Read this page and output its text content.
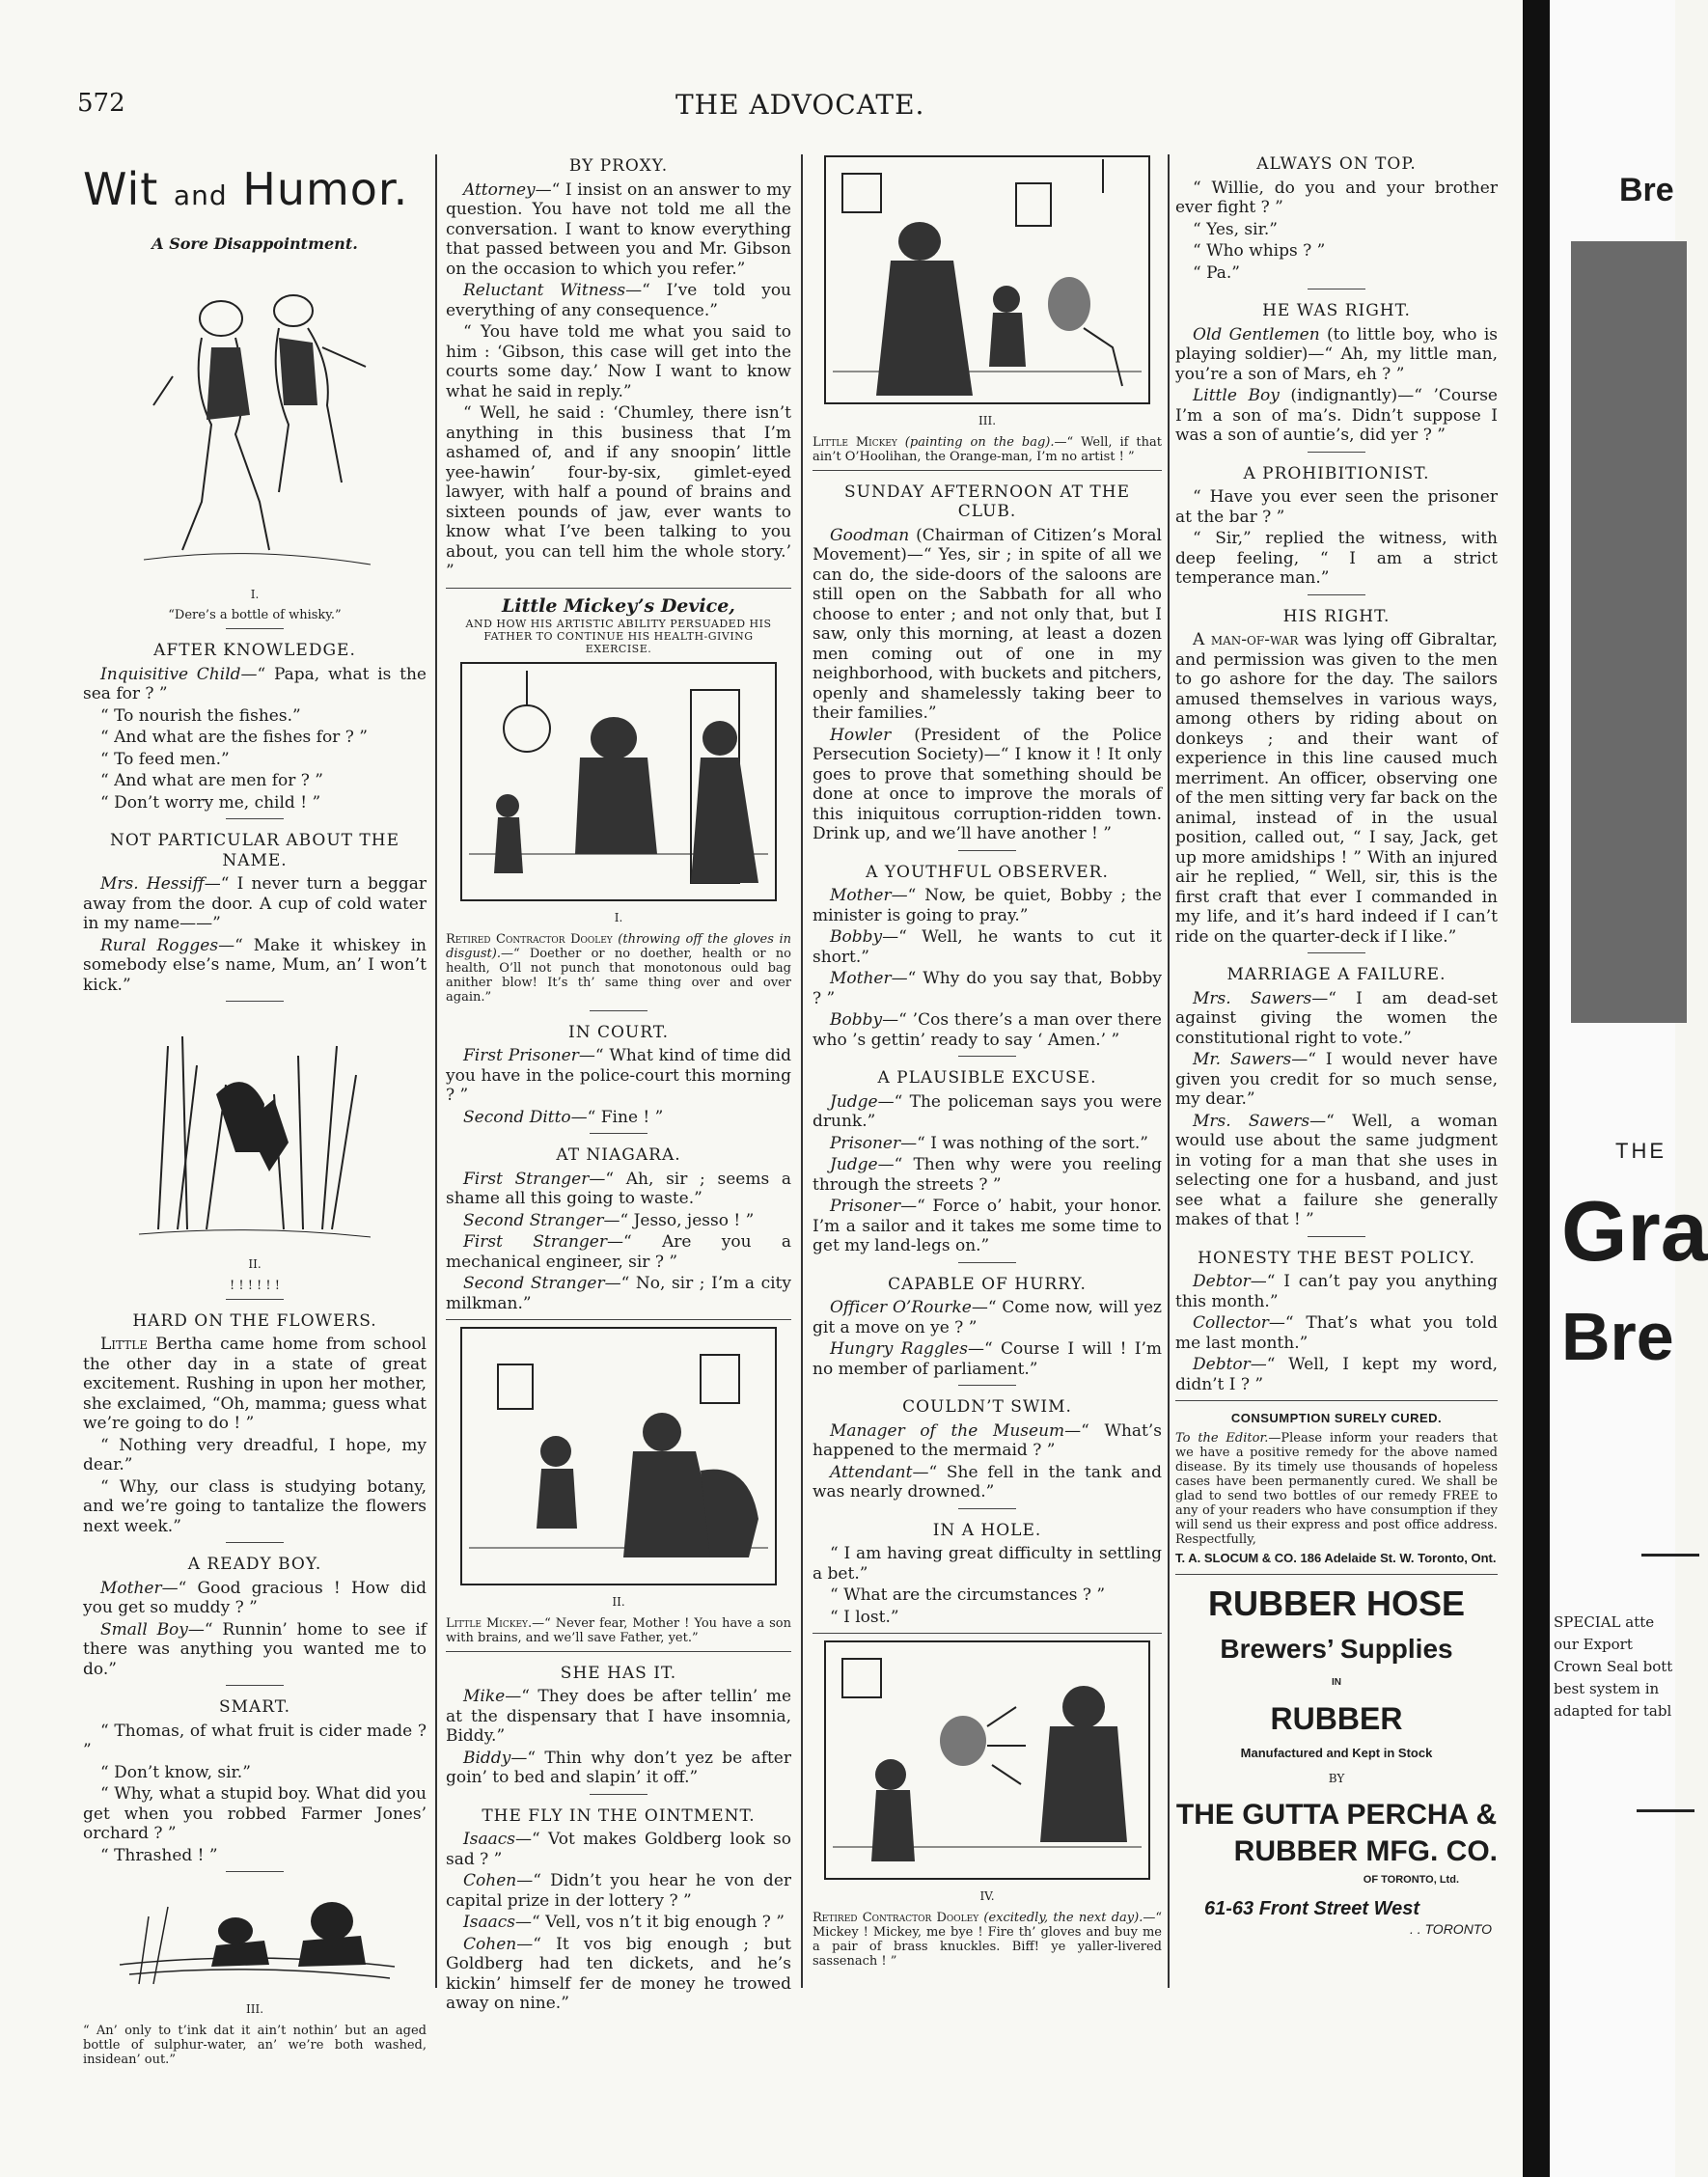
572	THE ADVOCATE.
Wit and Humor.
A Sore Disappointment.
I.
“Dere’s a bottle of whisky.”
AFTER KNOWLEDGE.

Inquisitive Child—“ Papa, what is the sea for ? ”

“ To nourish the fishes.”

“ And what are the fishes for ? ”

“ To feed men.”

“ And what are men for ? ”

“ Don’t worry me, child ! ”

NOT PARTICULAR ABOUT THE NAME.

Mrs. Hessiff—“ I never turn a beggar away from the door. A cup of cold water in my name——”

Rural Rogges—“ Make it whiskey in somebody else’s name, Mum, an’ I won’t kick.”

II.
! ! ! ! ! !
HARD ON THE FLOWERS.

Little Bertha came home from school the other day in a state of great excitement. Rushing in upon her mother, she exclaimed, “Oh, mamma; guess what we’re going to do ! ”

“ Nothing very dreadful, I hope, my dear.”

“ Why, our class is studying botany, and we’re going to tantalize the flowers next week.”

A READY BOY.

Mother—“ Good gracious ! How did you get so muddy ? ”

Small Boy—“ Runnin’ home to see if there was anything you wanted me to do.”

SMART.

“ Thomas, of what fruit is cider made ? ”

“ Don’t know, sir.”

“ Why, what a stupid boy. What did you get when you robbed Farmer Jones’ orchard ? ”

“ Thrashed ! ”

III.
“ An’ only to t’ink dat it ain’t nothin’ but an aged bottle of sulphur-water, an’ we’re both washed, insidean’ out.”
BY PROXY.

Attorney—“ I insist on an answer to my question. You have not told me all the conversation. I want to know everything that passed between you and Mr. Gibson on the occasion to which you refer.”

Reluctant Witness—“ I’ve told you everything of any consequence.”

“ You have told me what you said to him : ‘Gibson, this case will get into the courts some day.’ Now I want to know what he said in reply.”

“ Well, he said : ‘Chumley, there isn’t anything in this business that I’m ashamed of, and if any snoopin’ little yee-hawin’ four-by-six, gimlet-eyed lawyer, with half a pound of brains and sixteen pounds of jaw, ever wants to know what I’ve been talking to you about, you can tell him the whole story.’ ”

Little Mickey’s Device,
AND HOW HIS ARTISTIC ABILITY PERSUADED HIS FATHER TO CONTINUE HIS HEALTH-GIVING EXERCISE.
I.
Retired Contractor Dooley (throwing off the gloves in disgust).—“ Doether or no doether, health or no health, O’ll not punch that monotonous ould bag anither blow! It’s th’ same thing over and over again.”
IN COURT.

First Prisoner—“ What kind of time did you have in the police-court this morning ? ”

Second Ditto—“ Fine ! ”

AT NIAGARA.

First Stranger—“ Ah, sir ; seems a shame all this going to waste.”

Second Stranger—“ Jesso, jesso ! ”

First Stranger—“ Are you a mechanical engineer, sir ? ”

Second Stranger—“ No, sir ; I’m a city milkman.”

II.
Little Mickey.—“ Never fear, Mother ! You have a son with brains, and we’ll save Father, yet.”
SHE HAS IT.

Mike—“ They does be after tellin’ me at the dispensary that I have insomnia, Biddy.”

Biddy—“ Thin why don’t yez be after goin’ to bed and slapin’ it off.”

THE FLY IN THE OINTMENT.

Isaacs—“ Vot makes Goldberg look so sad ? ”

Cohen—“ Didn’t you hear he von der capital prize in der lottery ? ”

Isaacs—“ Vell, vos n’t it big enough ? ”

Cohen—“ It vos big enough ; but Goldberg had ten dickets, and he’s kickin’ himself fer de money he trowed away on nine.”

III.
Little Mickey (painting on the bag).—“ Well, if that ain’t O’Hoolihan, the Orange-man, I’m no artist ! ”
SUNDAY AFTERNOON AT THE CLUB.

Goodman (Chairman of Citizen’s Moral Movement)—“ Yes, sir ; in spite of all we can do, the side-doors of the saloons are still open on the Sabbath for all who choose to enter ; and not only that, but I saw, only this morning, at least a dozen men coming out of one in my neighborhood, with buckets and pitchers, openly and shamelessly taking beer to their families.”

Howler (President of the Police Persecution Society)—“ I know it ! It only goes to prove that something should be done at once to improve the morals of this iniquitous corruption-ridden town. Drink up, and we’ll have another ! ”

A YOUTHFUL OBSERVER.

Mother—“ Now, be quiet, Bobby ; the minister is going to pray.”

Bobby—“ Well, he wants to cut it short.”

Mother—“ Why do you say that, Bobby ? ”

Bobby—“ ’Cos there’s a man over there who ’s gettin’ ready to say ‘ Amen.’ ”

A PLAUSIBLE EXCUSE.

Judge—“ The policeman says you were drunk.”

Prisoner—“ I was nothing of the sort.”

Judge—“ Then why were you reeling through the streets ? ”

Prisoner—“ Force o’ habit, your honor. I’m a sailor and it takes me some time to get my land-legs on.”

CAPABLE OF HURRY.

Officer O’Rourke—“ Come now, will yez git a move on ye ? ”

Hungry Raggles—“ Course I will ! I’m no member of parliament.”

COULDN’T SWIM.

Manager of the Museum—“ What’s happened to the mermaid ? ”

Attendant—“ She fell in the tank and was nearly drowned.”

IN A HOLE.

“ I am having great difficulty in settling a bet.”

“ What are the circumstances ? ”

“ I lost.”

IV.
Retired Contractor Dooley (excitedly, the next day).—“ Mickey ! Mickey, me bye ! Fire th’ gloves and buy me a pair of brass knuckles. Biff! ye yaller-livered sassenach ! ”
ALWAYS ON TOP.

“ Willie, do you and your brother ever fight ? ”

“ Yes, sir.”

“ Who whips ? ”

“ Pa.”

HE WAS RIGHT.

Old Gentlemen (to little boy, who is playing soldier)—“ Ah, my little man, you’re a son of Mars, eh ? ”

Little Boy (indignantly)—“ ’Course I’m a son of ma’s. Didn’t suppose I was a son of auntie’s, did yer ? ”

A PROHIBITIONIST.

“ Have you ever seen the prisoner at the bar ? ”

“ Sir,” replied the witness, with deep feeling, “ I am a strict temperance man.”

HIS RIGHT.

A man-of-war was lying off Gibraltar, and permission was given to the men to go ashore for the day. The sailors amused themselves in various ways, among others by riding about on donkeys ; and their want of experience in this line caused much merriment. An officer, observing one of the men sitting very far back on the animal, instead of in the usual position, called out, “ I say, Jack, get up more amidships ! ” With an injured air he replied, “ Well, sir, this is the first craft that ever I commanded in my life, and it’s hard indeed if I can’t ride on the quarter-deck if I like.”

MARRIAGE A FAILURE.

Mrs. Sawers—“ I am dead-set against giving the women the constitutional right to vote.”

Mr. Sawers—“ I would never have given you credit for so much sense, my dear.”

Mrs. Sawers—“ Well, a woman would use about the same judgment in voting for a man that she uses in selecting one for a husband, and just see what a failure she generally makes of that ! ”

HONESTY THE BEST POLICY.

Debtor—“ I can’t pay you anything this month.”

Collector—“ That’s what you told me last month.”

Debtor—“ Well, I kept my word, didn’t I ? ”

CONSUMPTION SURELY CURED.
To the Editor.—Please inform your readers that we have a positive remedy for the above named disease. By its timely use thousands of hopeless cases have been permanently cured. We shall be glad to send two bottles of our remedy FREE to any of your readers who have consumption if they will send us their express and post office address. Respectfully,
T. A. SLOCUM & CO. 186 Adelaide St. W. Toronto, Ont.
RUBBER HOSE
Brewers’ Supplies
IN
RUBBER
Manufactured and Kept in Stock
BY
THE GUTTA PERCHA &
RUBBER MFG. CO.
OF TORONTO, Ltd.
61-63 Front Street West
. . TORONTO
Bre
THE
Gra
Bre
SPECIAL atte our Export Crown Seal bott best system in adapted for tabl
